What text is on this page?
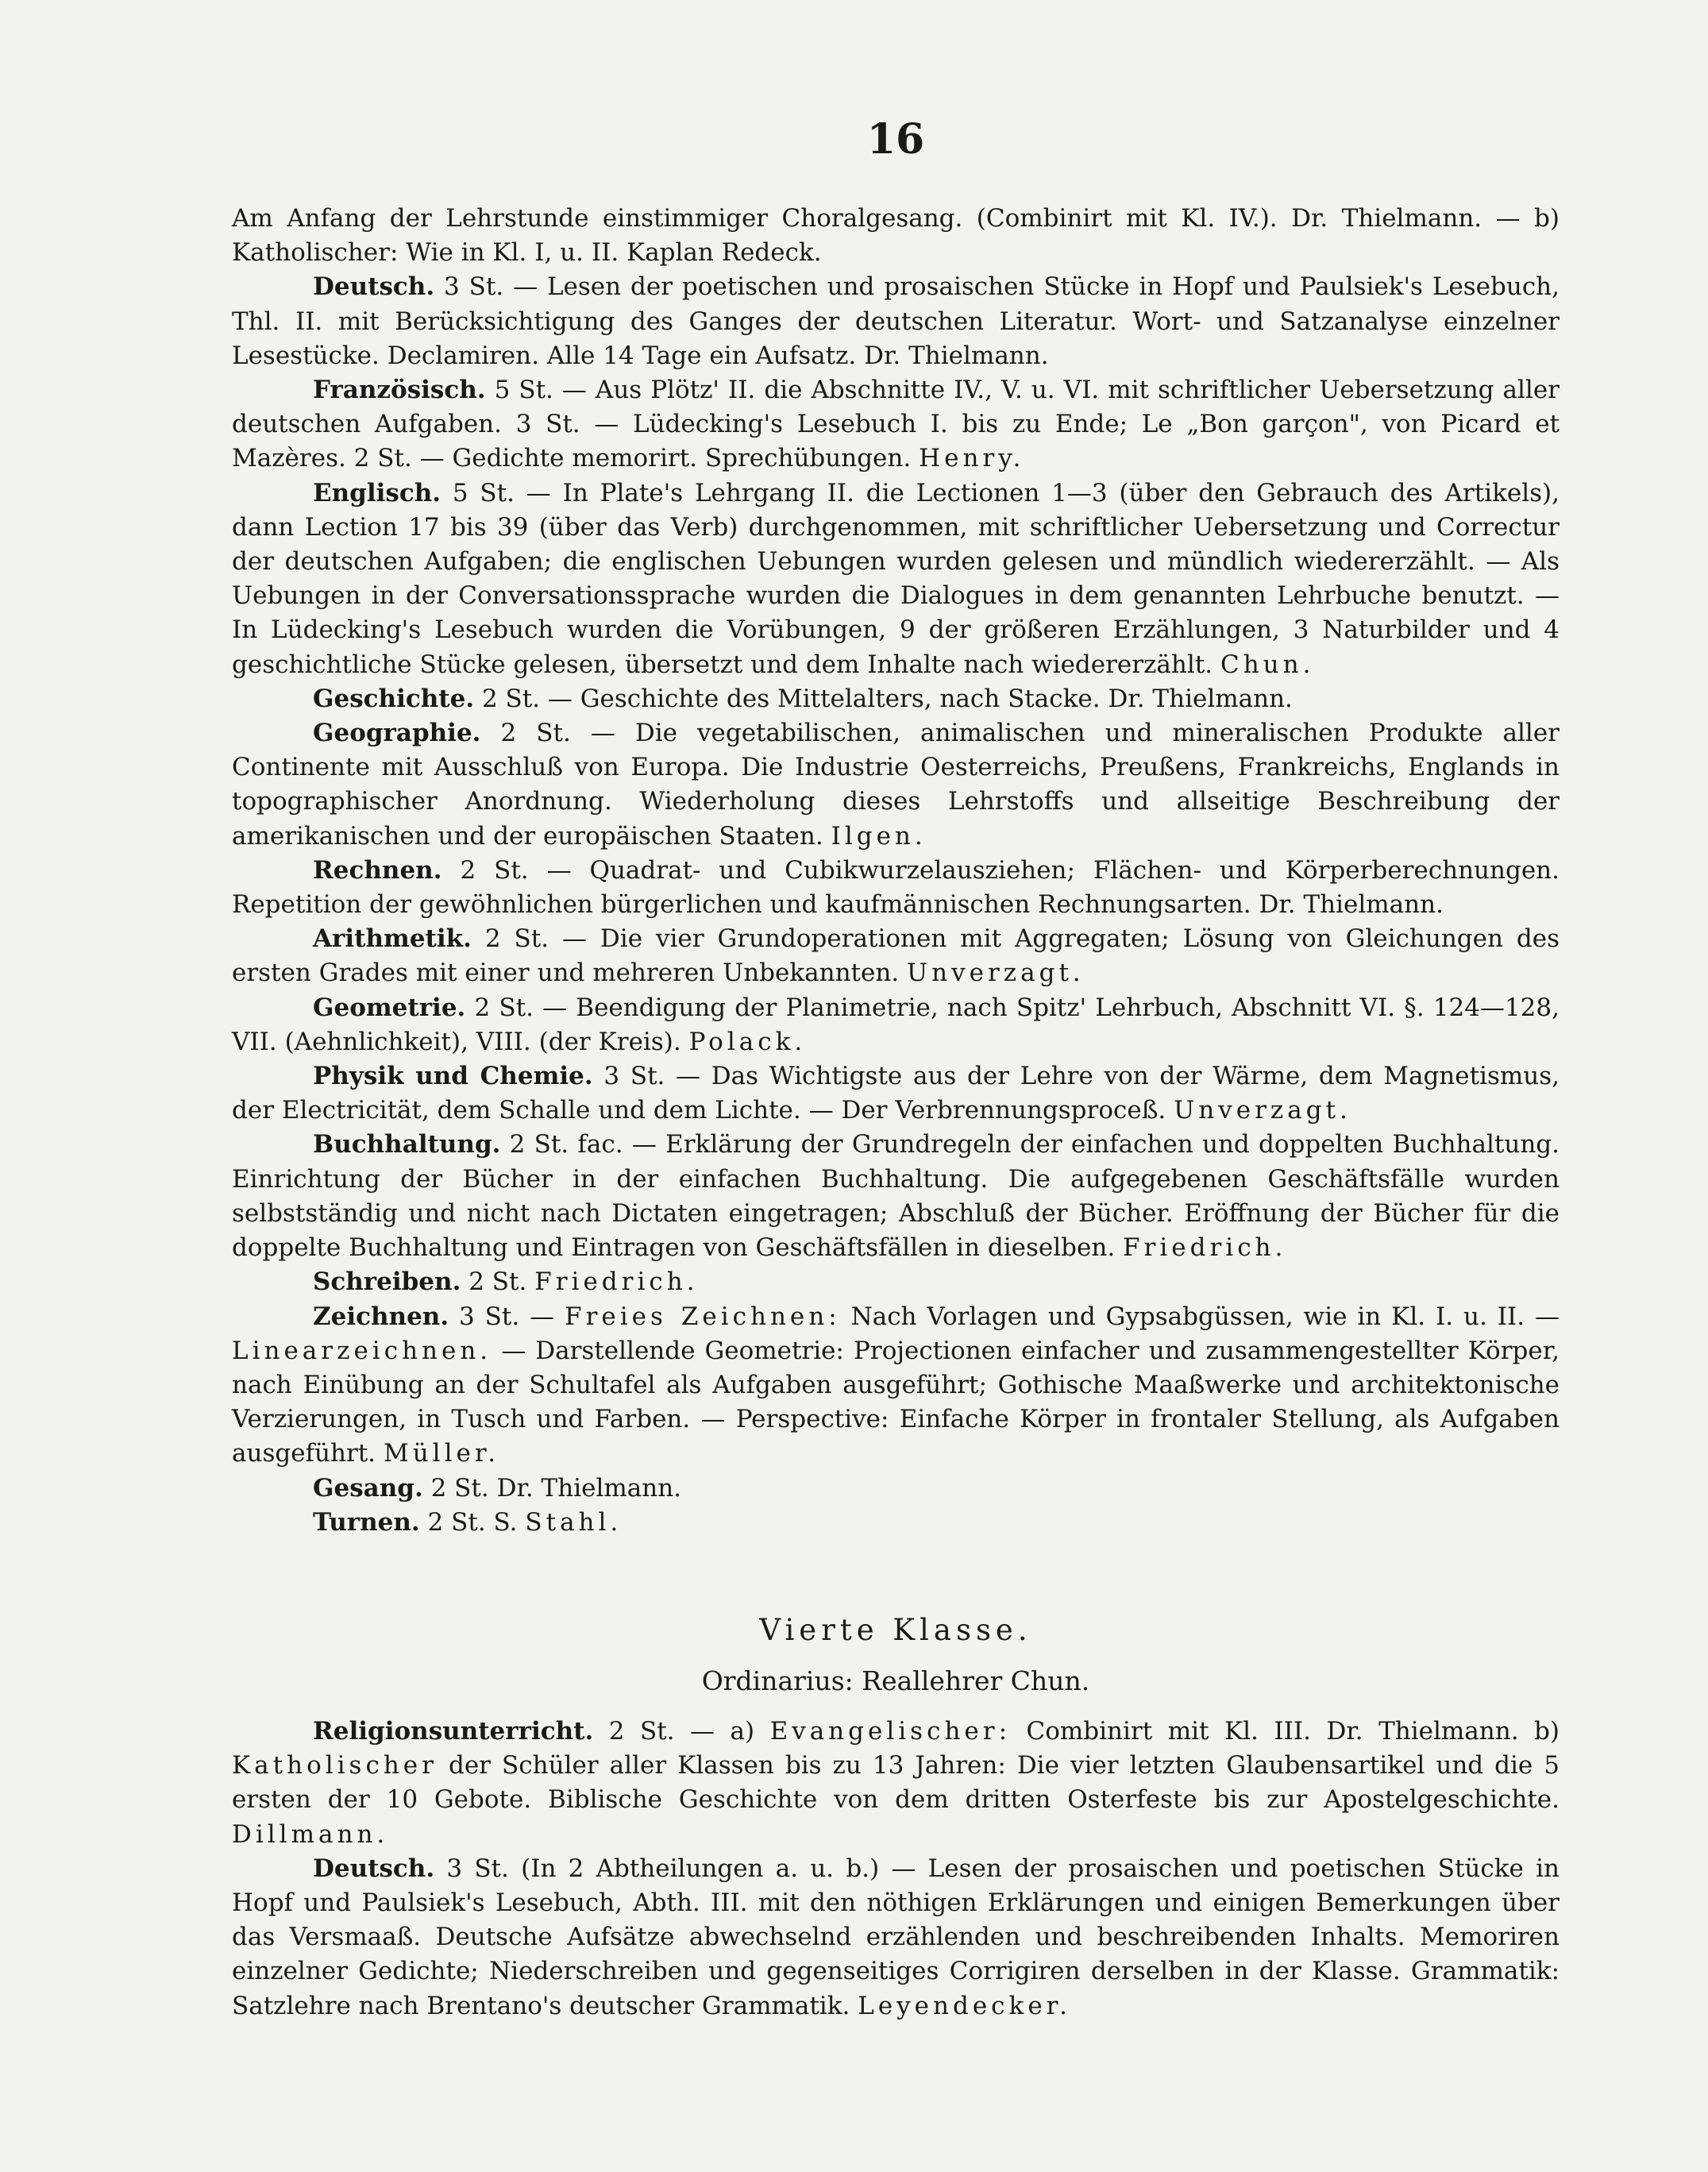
16

Am Anfang der Lehrstunde einstimmiger Choralgesang. (Combinirt mit Kl. IV.). Dr. Thielmann. — b) Katholischer: Wie in Kl. I, u. II. Kaplan Redeck.

Deutsch. 3 St. — Lesen der poetischen und prosaischen Stücke in Hopf und Paulsiek's Lesebuch, Thl. II. mit Berücksichtigung des Ganges der deutschen Literatur. Wort- und Satzanalyse einzelner Lesestücke. Declamiren. Alle 14 Tage ein Aufsatz. Dr. Thielmann.

Französisch. 5 St. — Aus Plötz' II. die Abschnitte IV., V. u. VI. mit schriftlicher Uebersetzung aller deutschen Aufgaben. 3 St. — Lüdecking's Lesebuch I. bis zu Ende; Le „Bon garçon", von Picard et Mazères. 2 St. — Gedichte memorirt. Sprechübungen. Henry.

Englisch. 5 St. — In Plate's Lehrgang II. die Lectionen 1—3 (über den Gebrauch des Artikels), dann Lection 17 bis 39 (über das Verb) durchgenommen, mit schriftlicher Uebersetzung und Correctur der deutschen Aufgaben; die englischen Uebungen wurden gelesen und mündlich wiedererzählt. — Als Uebungen in der Conversationssprache wurden die Dialogues in dem genannten Lehrbuche benutzt. — In Lüdecking's Lesebuch wurden die Vorübungen, 9 der größeren Erzählungen, 3 Naturbilder und 4 geschichtliche Stücke gelesen, übersetzt und dem Inhalte nach wiedererzählt. Chun.

Geschichte. 2 St. — Geschichte des Mittelalters, nach Stacke. Dr. Thielmann.

Geographie. 2 St. — Die vegetabilischen, animalischen und mineralischen Produkte aller Continente mit Ausschluß von Europa. Die Industrie Oesterreichs, Preußens, Frankreichs, Englands in topographischer Anordnung. Wiederholung dieses Lehrstoffs und allseitige Beschreibung der amerikanischen und der europäischen Staaten. Ilgen.

Rechnen. 2 St. — Quadrat- und Cubikwurzelausziehen; Flächen- und Körperberechnungen. Repetition der gewöhnlichen bürgerlichen und kaufmännischen Rechnungsarten. Dr. Thielmann.

Arithmetik. 2 St. — Die vier Grundoperationen mit Aggregaten; Lösung von Gleichungen des ersten Grades mit einer und mehreren Unbekannten. Unverzagt.

Geometrie. 2 St. — Beendigung der Planimetrie, nach Spitz' Lehrbuch, Abschnitt VI. §. 124—128, VII. (Aehnlichkeit), VIII. (der Kreis). Polack.

Physik und Chemie. 3 St. — Das Wichtigste aus der Lehre von der Wärme, dem Magnetismus, der Electricität, dem Schalle und dem Lichte. — Der Verbrennungsproceß. Unverzagt.

Buchhaltung. 2 St. fac. — Erklärung der Grundregeln der einfachen und doppelten Buchhaltung. Einrichtung der Bücher in der einfachen Buchhaltung. Die aufgegebenen Geschäftsfälle wurden selbstständig und nicht nach Dictaten eingetragen; Abschluß der Bücher. Eröffnung der Bücher für die doppelte Buchhaltung und Eintragen von Geschäftsfällen in dieselben. Friedrich.

Schreiben. 2 St. Friedrich.

Zeichnen. 3 St. — Freies Zeichnen: Nach Vorlagen und Gypsabgüssen, wie in Kl. I. u. II. — Linearzeichnen. — Darstellende Geometrie: Projectionen einfacher und zusammengestellter Körper, nach Einübung an der Schultafel als Aufgaben ausgeführt; Gothische Maaßwerke und architektonische Verzierungen, in Tusch und Farben. — Perspective: Einfache Körper in frontaler Stellung, als Aufgaben ausgeführt. Müller.

Gesang. 2 St. Dr. Thielmann.

Turnen. 2 St. S. Stahl.

Vierte Klasse.
Ordinarius: Reallehrer Chun.

Religionsunterricht. 2 St. — a) Evangelischer: Combinirt mit Kl. III. Dr. Thielmann. b) Katholischer der Schüler aller Klassen bis zu 13 Jahren: Die vier letzten Glaubensartikel und die 5 ersten der 10 Gebote. Biblische Geschichte von dem dritten Osterfeste bis zur Apostelgeschichte. Dillmann.

Deutsch. 3 St. (In 2 Abtheilungen a. u. b.) — Lesen der prosaischen und poetischen Stücke in Hopf und Paulsiek's Lesebuch, Abth. III. mit den nöthigen Erklärungen und einigen Bemerkungen über das Versmaaß. Deutsche Aufsätze abwechselnd erzählenden und beschreibenden Inhalts. Memoriren einzelner Gedichte; Niederschreiben und gegenseitiges Corrigiren derselben in der Klasse. Grammatik: Satzlehre nach Brentano's deutscher Grammatik. Leyendecker.
